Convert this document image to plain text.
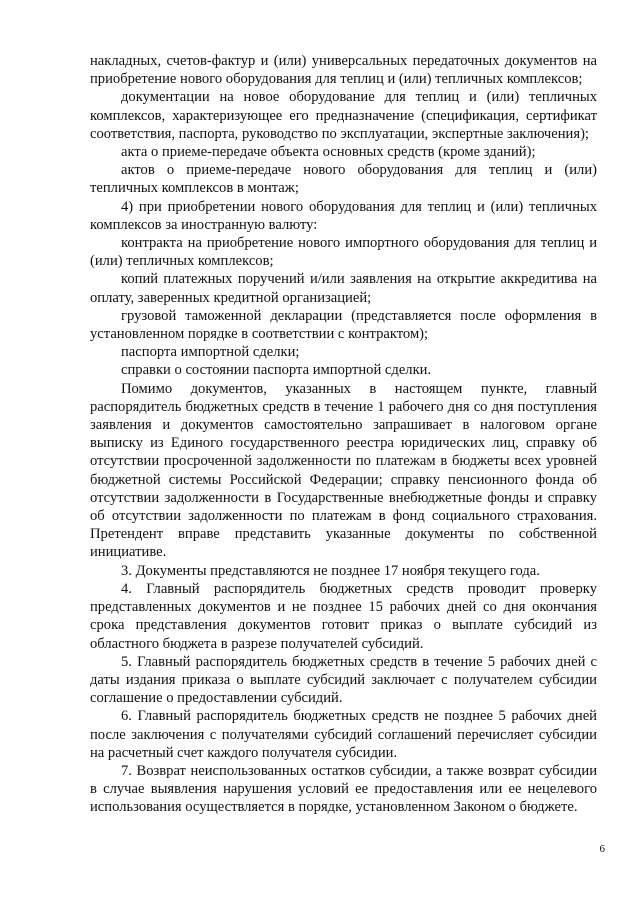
накладных, счетов-фактур и (или) универсальных передаточных документов на приобретение нового оборудования для теплиц и (или) тепличных комплексов;

документации на новое оборудование для теплиц и (или) тепличных комплексов, характеризующее его предназначение (спецификация, сертификат соответствия, паспорта, руководство по эксплуатации, экспертные заключения);

акта о приеме-передаче объекта основных средств (кроме зданий);

актов о приеме-передаче нового оборудования для теплиц и (или) тепличных комплексов в монтаж;

4) при приобретении нового оборудования для теплиц и (или) тепличных комплексов за иностранную валюту:

контракта на приобретение нового импортного оборудования для теплиц и (или) тепличных комплексов;

копий платежных поручений и/или заявления на открытие аккредитива на оплату, заверенных кредитной организацией;

грузовой таможенной декларации (представляется после оформления в установленном порядке в соответствии с контрактом);

паспорта импортной сделки;

справки о состоянии паспорта импортной сделки.

Помимо документов, указанных в настоящем пункте, главный распорядитель бюджетных средств в течение 1 рабочего дня со дня поступления заявления и документов самостоятельно запрашивает в налоговом органе выписку из Единого государственного реестра юридических лиц, справку об отсутствии просроченной задолженности по платежам в бюджеты всех уровней бюджетной системы Российской Федерации; справку пенсионного фонда об отсутствии задолженности в Государственные внебюджетные фонды и справку об отсутствии задолженности по платежам в фонд социального страхования. Претендент вправе представить указанные документы по собственной инициативе.

3. Документы представляются не позднее 17 ноября текущего года.

4. Главный распорядитель бюджетных средств проводит проверку представленных документов и не позднее 15 рабочих дней со дня окончания срока представления документов готовит приказ о выплате субсидий из областного бюджета в разрезе получателей субсидий.

5. Главный распорядитель бюджетных средств в течение 5 рабочих дней с даты издания приказа о выплате субсидий заключает с получателем субсидии соглашение о предоставлении субсидий.

6. Главный распорядитель бюджетных средств не позднее 5 рабочих дней после заключения с получателями субсидий соглашений перечисляет субсидии на расчетный счет каждого получателя субсидии.

7. Возврат неиспользованных остатков субсидии, а также возврат субсидии в случае выявления нарушения условий ее предоставления или ее нецелевого использования осуществляется в порядке, установленном Законом о бюджете.

6
